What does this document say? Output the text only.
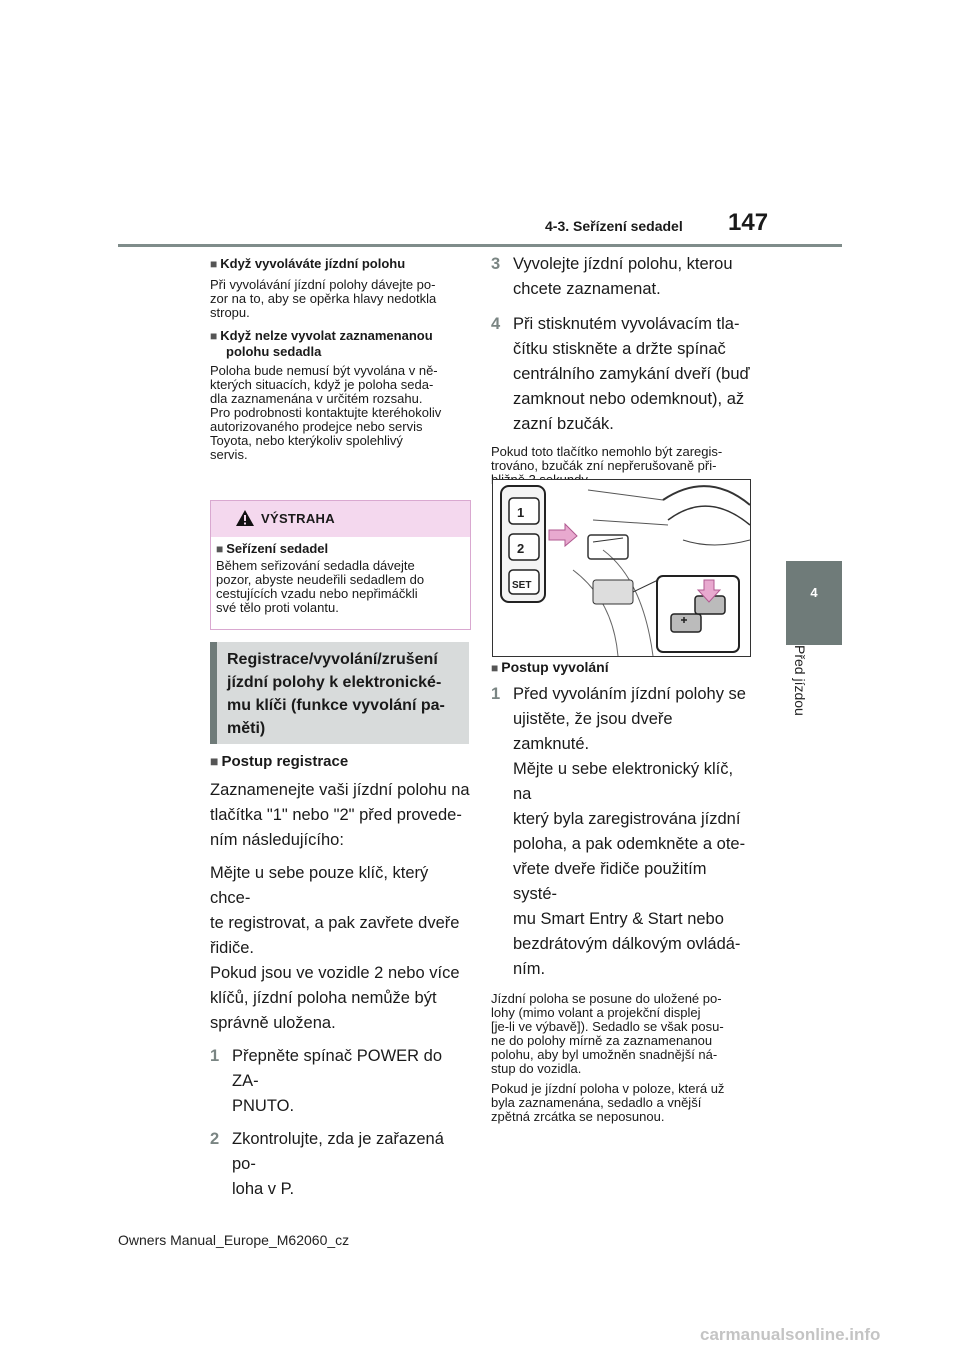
4-3. Seřízení sedadel 147
4
Před jízdou
■ Když vyvoláváte jízdní polohu

Při vyvolávání jízdní polohy dávejte po-

zor na to, aby se opěrka hlavy nedotkla

stropu.

■ Když nelze vyvolat zaznamenanou
polohu sedadla

Poloha bude nemusí být vyvolána v ně-

kterých situacích, když je poloha seda-

dla zaznamenána v určitém rozsahu.

Pro podrobnosti kontaktujte kteréhokoliv

autorizovaného prodejce nebo servis

Toyota, nebo kterýkoliv spolehlivý

servis.

VÝSTRAHA
■ Seřízení sedadel

Během seřizování sedadla dávejte

pozor, abyste neudeřili sedadlem do

cestujících vzadu nebo nepřimáčkli

své tělo proti volantu.

Registrace/vyvolání/zrušení
jízdní polohy k elektronické-
mu klíči (funkce vyvolání pa-
měti)
■ Postup registrace

Zaznamenejte vaši jízdní polohu na

tlačítka "1" nebo "2" před provede-

ním následujícího:

Mějte u sebe pouze klíč, který chce-

te registrovat, a pak zavřete dveře

řidiče.

Pokud jsou ve vozidle 2 nebo více

klíčů, jízdní poloha nemůže být

správně uložena.

1 Přepněte spínač POWER do ZA-
PNUTO.
2 Zkontrolujte, zda je zařazená po-
loha v P.
3 Vyvolejte jízdní polohu, kterou
chcete zaznamenat.
4 Při stisknutém vyvolávacím tla-
čítku stiskněte a držte spínač
centrálního zamykání dveří (buď
zamknout nebo odemknout), až
zazní bzučák.

Pokud toto tlačítko nemohlo být zaregis-

trováno, bzučák zní nepřerušovaně při-

1
2
SET
■ Postup vyvolání
1 Před vyvoláním jízdní polohy se
ujistěte, že jsou dveře zamknuté.
Mějte u sebe elektronický klíč, na
který byla zaregistrována jízdní
poloha, a pak odemkněte a ote-
vřete dveře řidiče použitím systé-
mu Smart Entry & Start nebo
bezdrátovým dálkovým ovládá-
ním.

Jízdní poloha se posune do uložené po-

lohy (mimo volant a projekční displej

[je-li ve výbavě]). Sedadlo se však posu-

ne do polohy mírně za zaznamenanou

polohu, aby byl umožněn snadnější ná-

stup do vozidla.

Pokud je jízdní poloha v poloze, která už

byla zaznamenána, sedadlo a vnější

zpětná zrcátka se neposunou.

Owners Manual_Europe_M62060_cz
carmanualsonline.info
